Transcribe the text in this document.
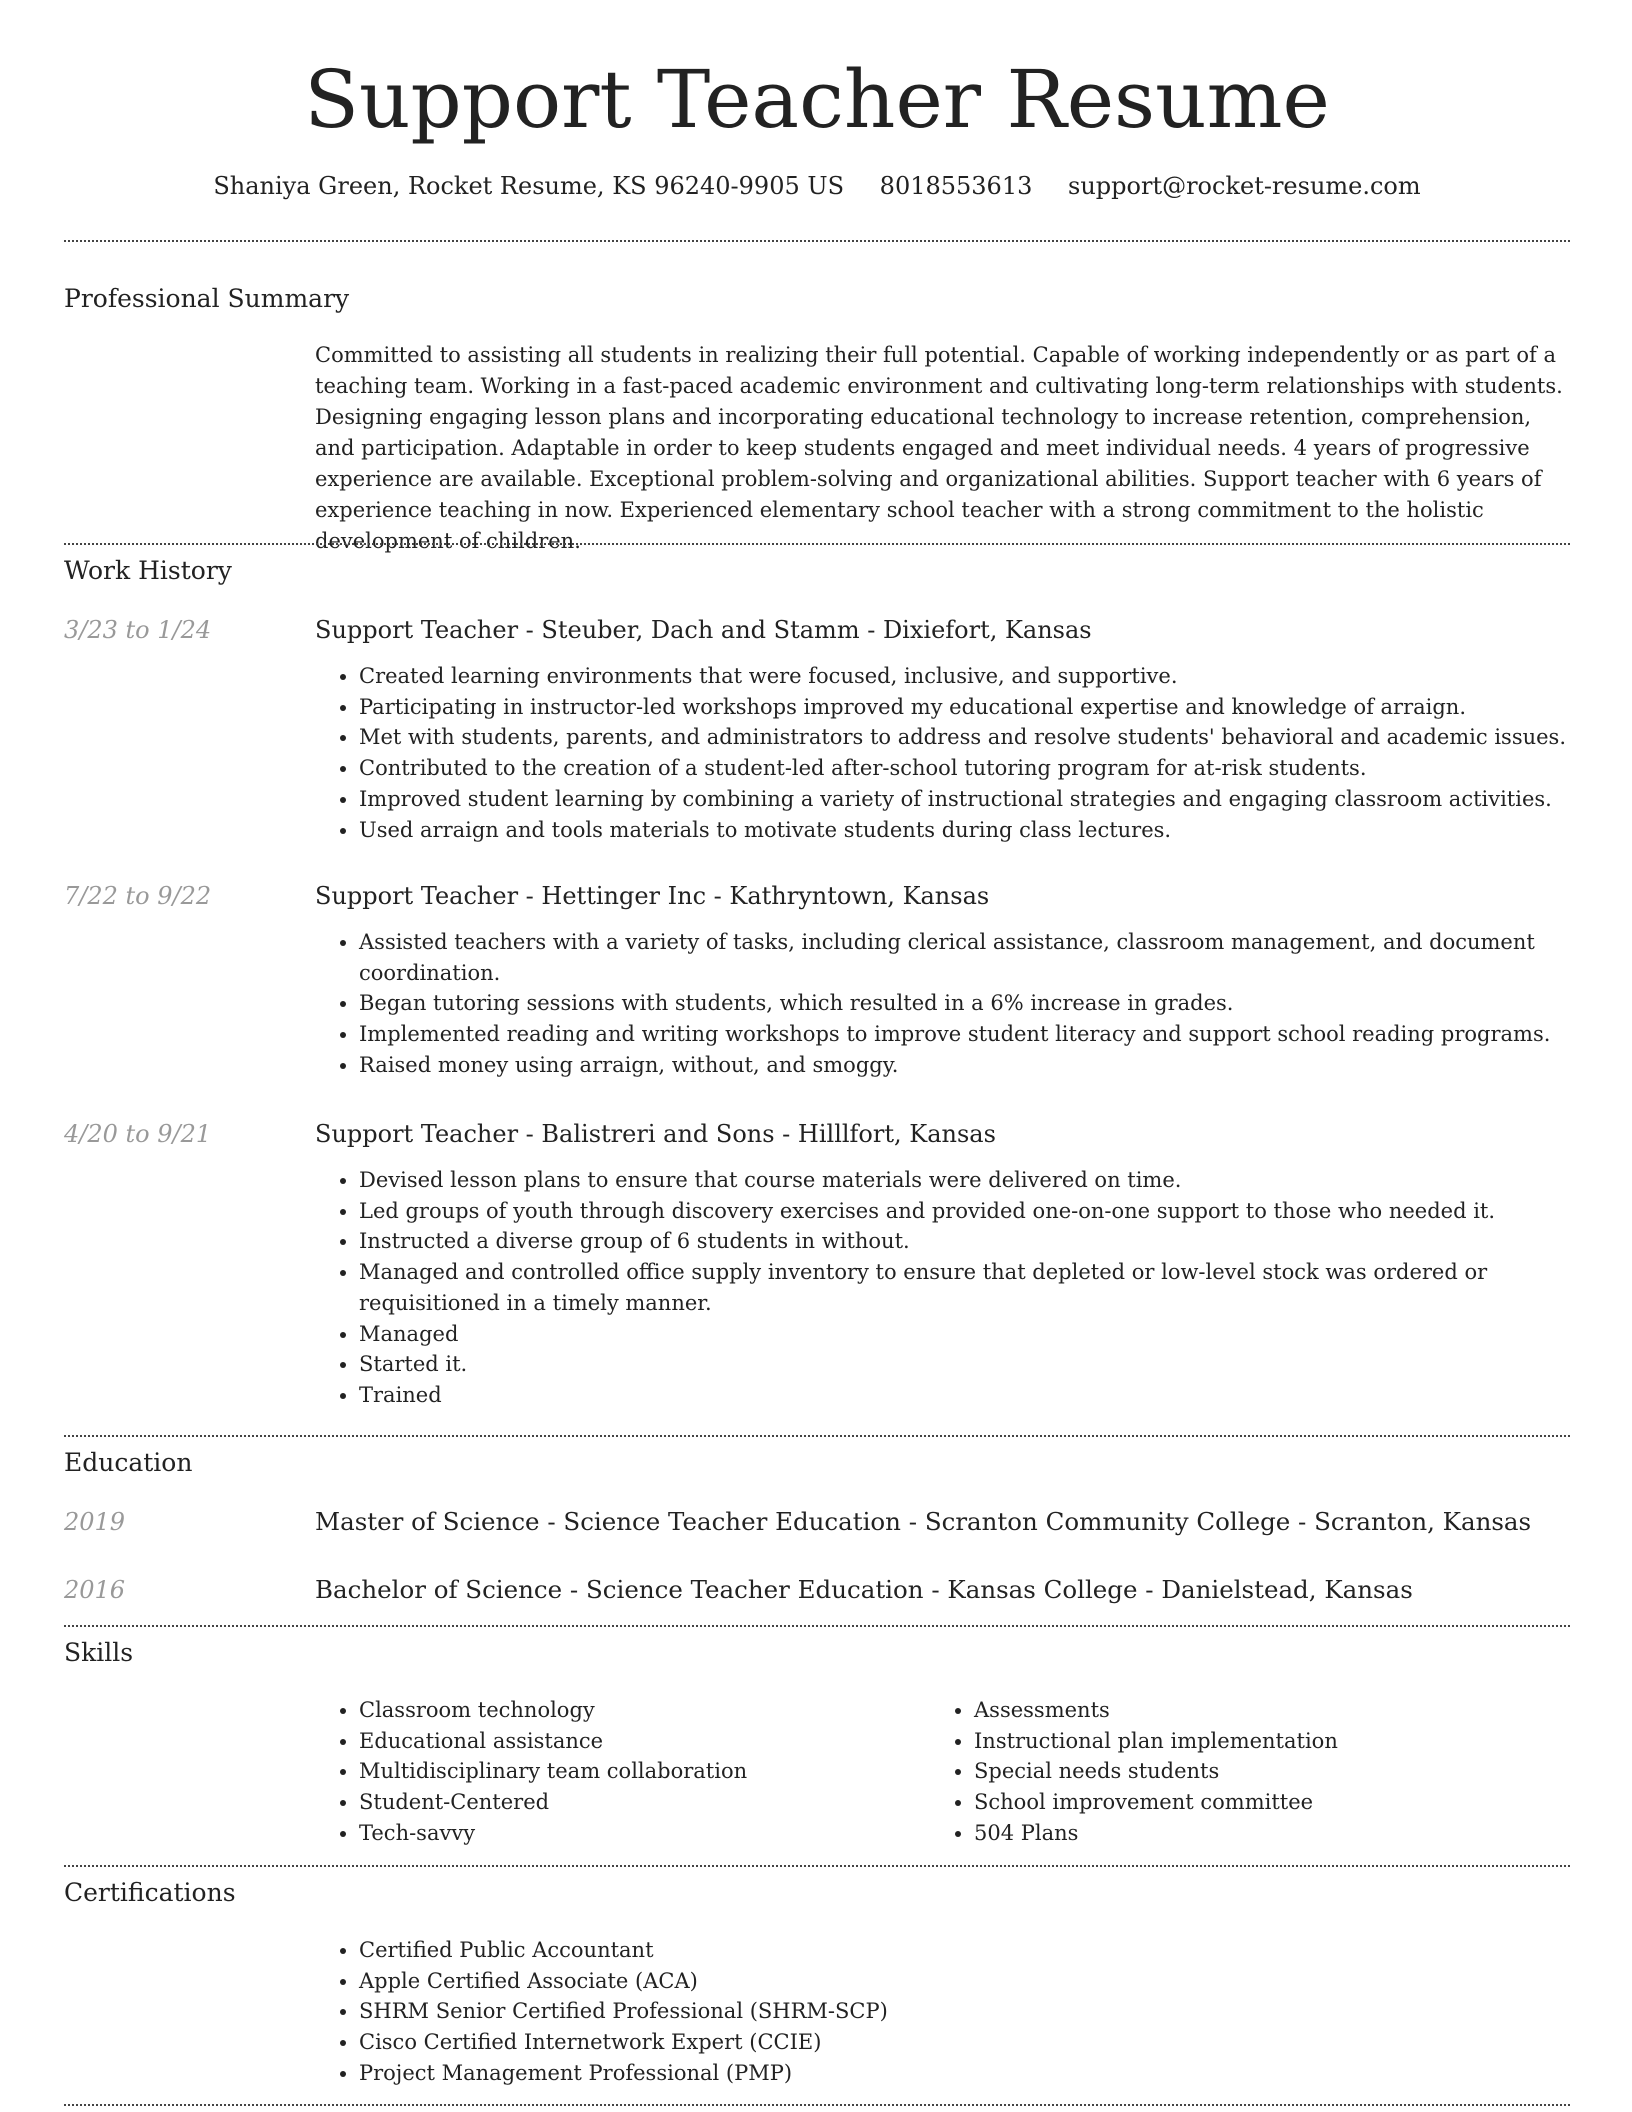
Support Teacher Resume
Shaniya Green, Rocket Resume, KS 96240-9905 US 8018553613 support@rocket-resume.com
Professional Summary

Committed to assisting all students in realizing their full potential. Capable of working independently or as part of a teaching team. Working in a fast-paced academic environment and cultivating long-term relationships with students. Designing engaging lesson plans and incorporating educational technology to increase retention, comprehension, and participation. Adaptable in order to keep students engaged and meet individual needs. 4 years of progressive experience are available. Exceptional problem-solving and organizational abilities. Support teacher with 6 years of experience teaching in now. Experienced elementary school teacher with a strong commitment to the holistic development of children.

Work History
3/23 to 1/24	Support Teacher - Steuber, Dach and Stamm - Dixiefort, Kansas
• Created learning environments that were focused, inclusive, and supportive.
• Participating in instructor-led workshops improved my educational expertise and knowledge of arraign.
• Met with students, parents, and administrators to address and resolve students' behavioral and academic issues.
• Contributed to the creation of a student-led after-school tutoring program for at-risk students.
• Improved student learning by combining a variety of instructional strategies and engaging classroom activities.
• Used arraign and tools materials to motivate students during class lectures.
7/22 to 9/22	Support Teacher - Hettinger Inc - Kathryntown, Kansas
• Assisted teachers with a variety of tasks, including clerical assistance, classroom management, and document coordination.
• Began tutoring sessions with students, which resulted in a 6% increase in grades.
• Implemented reading and writing workshops to improve student literacy and support school reading programs.
• Raised money using arraign, without, and smoggy.
4/20 to 9/21	Support Teacher - Balistreri and Sons - Hilllfort, Kansas
• Devised lesson plans to ensure that course materials were delivered on time.
• Led groups of youth through discovery exercises and provided one-on-one support to those who needed it.
• Instructed a diverse group of 6 students in without.
• Managed and controlled office supply inventory to ensure that depleted or low-level stock was ordered or requisitioned in a timely manner.
• Managed
• Started it.
• Trained
Education
2019	Master of Science - Science Teacher Education - Scranton Community College - Scranton, Kansas
2016	Bachelor of Science - Science Teacher Education - Kansas College - Danielstead, Kansas
Skills
• Classroom technology
• Educational assistance
• Multidisciplinary team collaboration
• Student-Centered
• Tech-savvy
• Assessments
• Instructional plan implementation
• Special needs students
• School improvement committee
• 504 Plans
Certifications
• Certified Public Accountant
• Apple Certified Associate (ACA)
• SHRM Senior Certified Professional (SHRM-SCP)
• Cisco Certified Internetwork Expert (CCIE)
• Project Management Professional (PMP)
